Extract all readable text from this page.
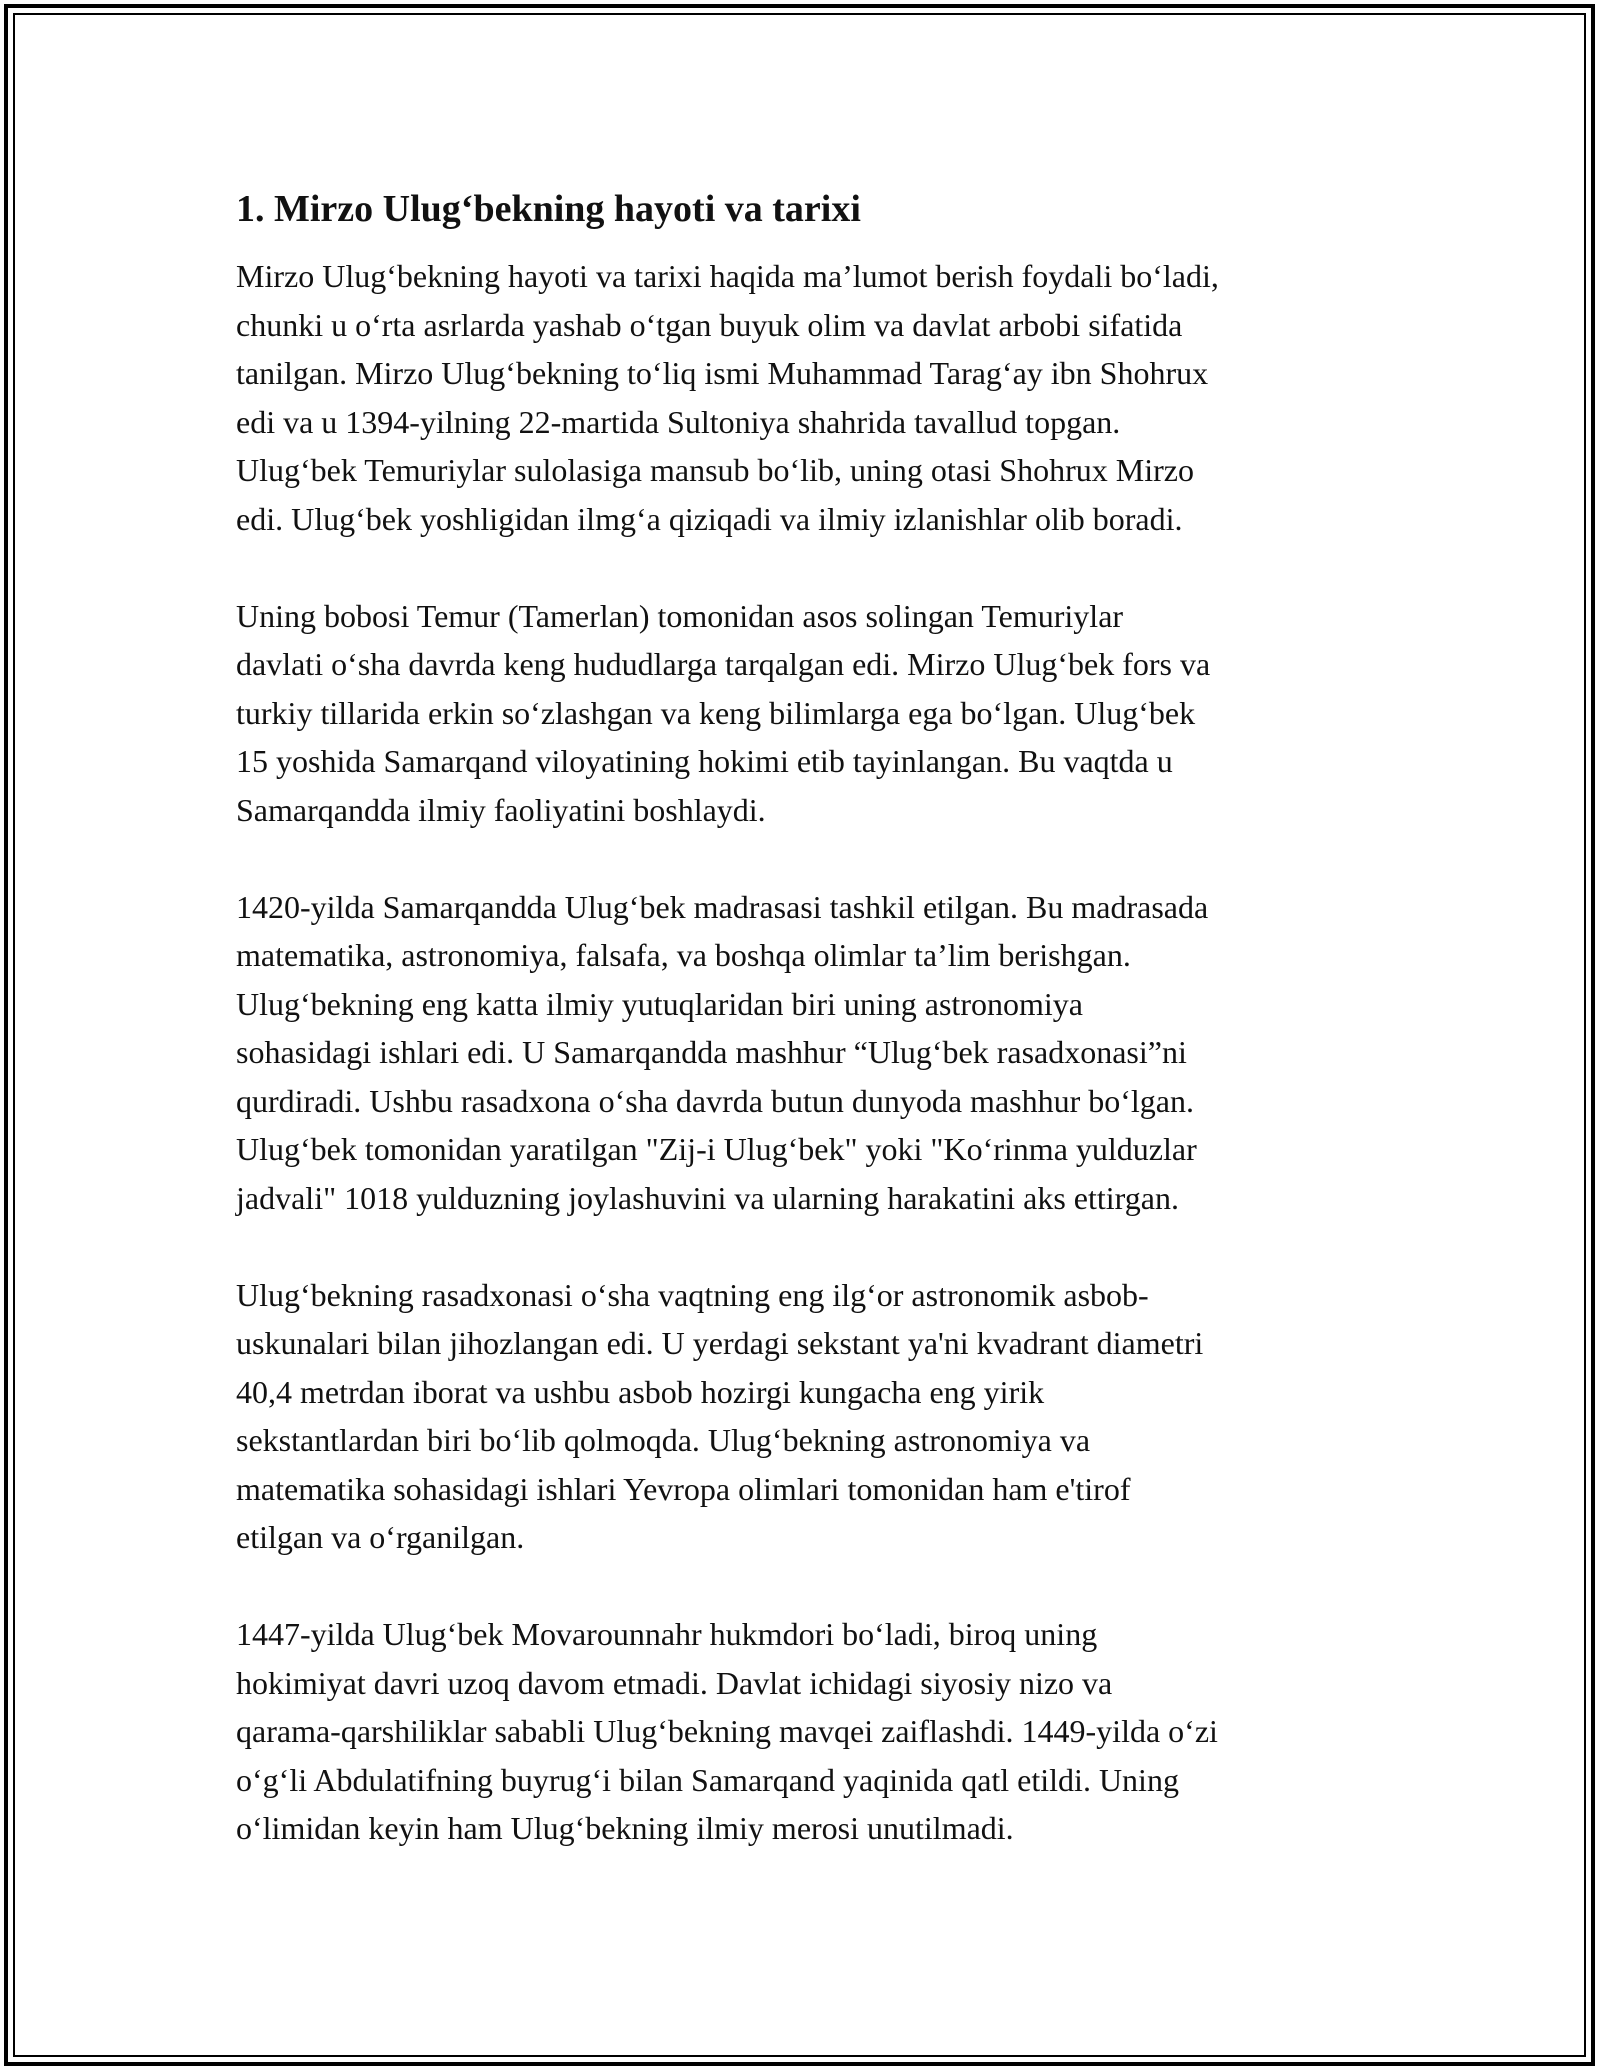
1. Mirzo Ulug‘bekning hayoti va tarixi

Mirzo Ulug‘bekning hayoti va tarixi haqida ma’lumot berish foydali bo‘ladi,
chunki u o‘rta asrlarda yashab o‘tgan buyuk olim va davlat arbobi sifatida
tanilgan. Mirzo Ulug‘bekning to‘liq ismi Muhammad Tarag‘ay ibn Shohrux
edi va u 1394-yilning 22-martida Sultoniya shahrida tavallud topgan.
Ulug‘bek Temuriylar sulolasiga mansub bo‘lib, uning otasi Shohrux Mirzo
edi. Ulug‘bek yoshligidan ilmg‘a qiziqadi va ilmiy izlanishlar olib boradi.

Uning bobosi Temur (Tamerlan) tomonidan asos solingan Temuriylar
davlati o‘sha davrda keng hududlarga tarqalgan edi. Mirzo Ulug‘bek fors va
turkiy tillarida erkin so‘zlashgan va keng bilimlarga ega bo‘lgan. Ulug‘bek
15 yoshida Samarqand viloyatining hokimi etib tayinlangan. Bu vaqtda u
Samarqandda ilmiy faoliyatini boshlaydi.

1420-yilda Samarqandda Ulug‘bek madrasasi tashkil etilgan. Bu madrasada
matematika, astronomiya, falsafa, va boshqa olimlar ta’lim berishgan.
Ulug‘bekning eng katta ilmiy yutuqlaridan biri uning astronomiya
sohasidagi ishlari edi. U Samarqandda mashhur “Ulug‘bek rasadxonasi”ni
qurdiradi. Ushbu rasadxona o‘sha davrda butun dunyoda mashhur bo‘lgan.
Ulug‘bek tomonidan yaratilgan "Zij-i Ulug‘bek" yoki "Ko‘rinma yulduzlar
jadvali" 1018 yulduzning joylashuvini va ularning harakatini aks ettirgan.

Ulug‘bekning rasadxonasi o‘sha vaqtning eng ilg‘or astronomik asbob-
uskunalari bilan jihozlangan edi. U yerdagi sekstant ya'ni kvadrant diametri
40,4 metrdan iborat va ushbu asbob hozirgi kungacha eng yirik
sekstantlardan biri bo‘lib qolmoqda. Ulug‘bekning astronomiya va
matematika sohasidagi ishlari Yevropa olimlari tomonidan ham e'tirof
etilgan va o‘rganilgan.

1447-yilda Ulug‘bek Movarounnahr hukmdori bo‘ladi, biroq uning
hokimiyat davri uzoq davom etmadi. Davlat ichidagi siyosiy nizo va
qarama-qarshiliklar sababli Ulug‘bekning mavqei zaiflashdi. 1449-yilda o‘zi
o‘g‘li Abdulatifning buyrug‘i bilan Samarqand yaqinida qatl etildi. Uning
o‘limidan keyin ham Ulug‘bekning ilmiy merosi unutilmadi.
